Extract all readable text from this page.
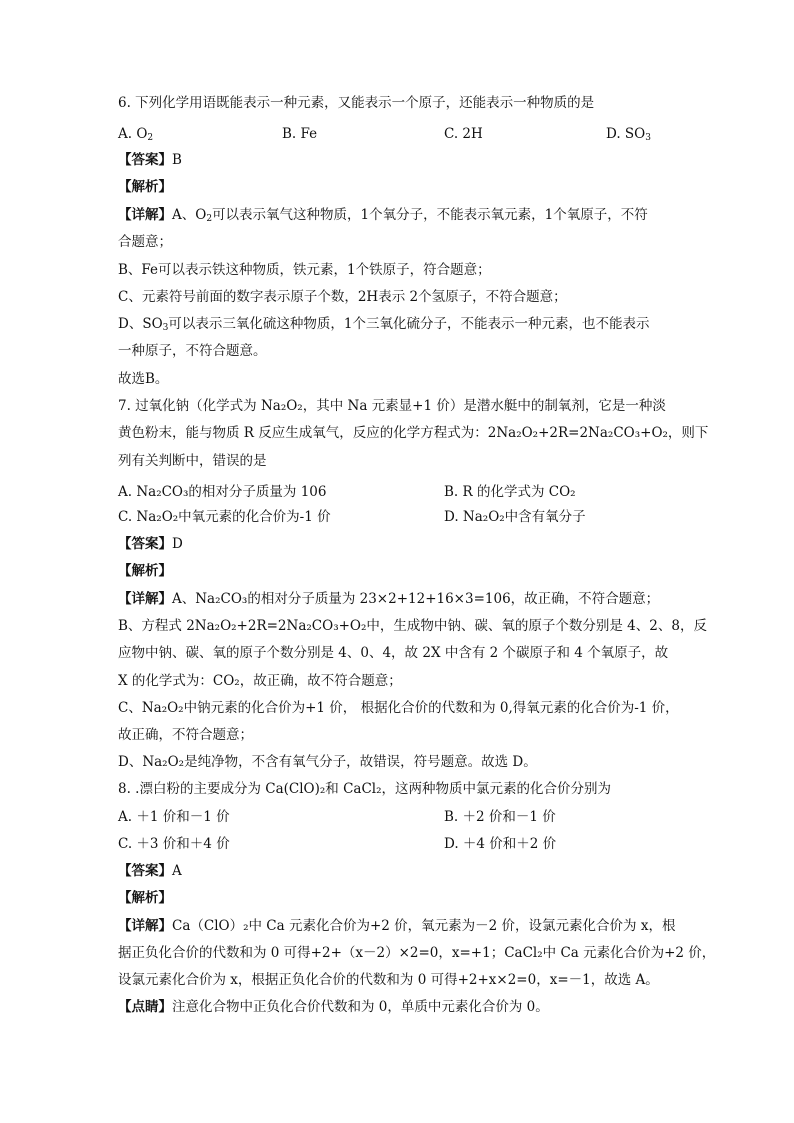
6. 下列化学用语既能表示一种元素，又能表示一个原子，还能表示一种物质的是
A. $O_2$	B. Fe	C. 2H	D. $SO_3$
【答案】B
【解析】
【详解】A、$O_2$可以表示氧气这种物质，1个氧分子，不能表示氧元素，1个氧原子，不符
合题意；
B、Fe可以表示铁这种物质，铁元素，1个铁原子，符合题意；
C、元素符号前面的数字表示原子个数，2H表示 2个氢原子，不符合题意；
D、$SO_3$可以表示三氧化硫这种物质，1个三氧化硫分子，不能表示一种元素，也不能表示
一种原子，不符合题意。
故选B。
7. 过氧化钠（化学式为 Na₂O₂，其中 Na 元素显+1 价）是潜水艇中的制氧剂，它是一种淡
黄色粉末，能与物质 R 反应生成氧气，反应的化学方程式为：2Na₂O₂+2R=2Na₂CO₃+O₂，则下
列有关判断中，错误的是
A. Na₂CO₃的相对分子质量为 106	B. R 的化学式为 CO₂
C. Na₂O₂中氧元素的化合价为-1 价	D. Na₂O₂中含有氧分子
【答案】D
【解析】
【详解】A、Na₂CO₃的相对分子质量为 23×2+12+16×3=106，故正确，不符合题意；
B、方程式 2Na₂O₂+2R=2Na₂CO₃+O₂中，生成物中钠、碳、氧的原子个数分别是 4、2、8，反
应物中钠、碳、氧的原子个数分别是 4、0、4，故 2X 中含有 2 个碳原子和 4 个氧原子，故
X 的化学式为：CO₂，故正确，故不符合题意；
C、Na₂O₂中钠元素的化合价为+1 价， 根据化合价的代数和为 0,得氧元素的化合价为-1 价，
故正确，不符合题意；
D、Na₂O₂是纯净物，不含有氧气分子，故错误，符号题意。故选 D。
8. .漂白粉的主要成分为 Ca(ClO)₂和 CaCl₂，这两种物质中氯元素的化合价分别为
A. ＋1 价和－1 价	B. ＋2 价和－1 价
C. ＋3 价和＋4 价	D. ＋4 价和＋2 价
【答案】A
【解析】
【详解】Ca（ClO）₂中 Ca 元素化合价为+2 价，氧元素为－2 价，设氯元素化合价为 x，根
据正负化合价的代数和为 0 可得+2+（x－2）×2=0，x=+1；CaCl₂中 Ca 元素化合价为+2 价，
设氯元素化合价为 x，根据正负化合价的代数和为 0 可得+2+x×2=0，x=－1，故选 A。
【点睛】注意化合物中正负化合价代数和为 0，单质中元素化合价为 0。
